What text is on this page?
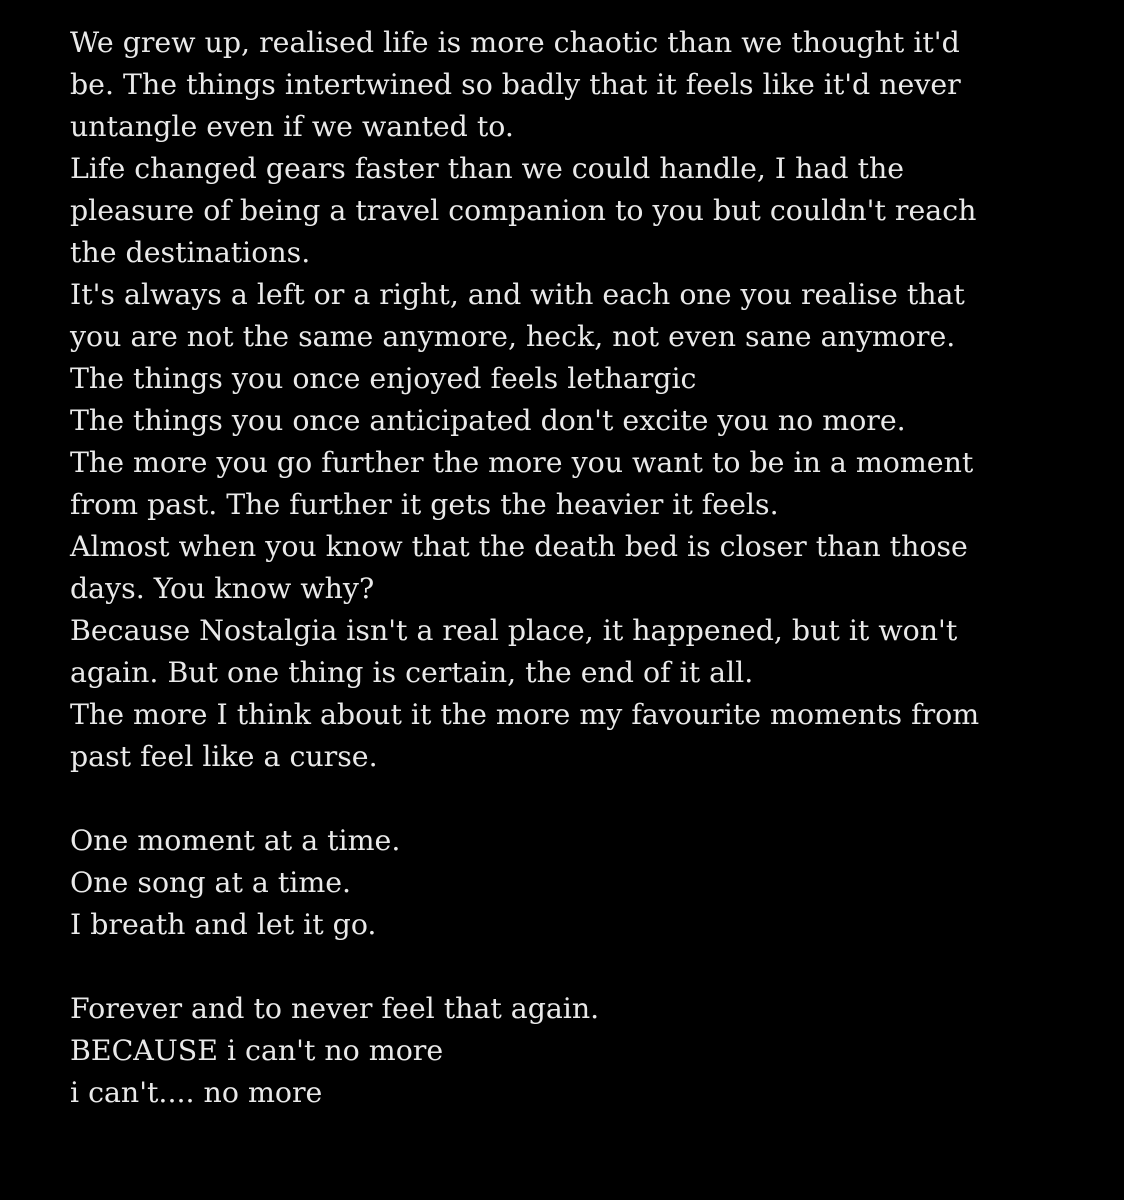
We grew up, realised life is more chaotic than we thought it'd
be. The things intertwined so badly that it feels like it'd never
untangle even if we wanted to.
Life changed gears faster than we could handle, I had the
pleasure of being a travel companion to you but couldn't reach
the destinations.
It's always a left or a right, and with each one you realise that
you are not the same anymore, heck, not even sane anymore.
The things you once enjoyed feels lethargic
The things you once anticipated don't excite you no more.
The more you go further the more you want to be in a moment
from past. The further it gets the heavier it feels.
Almost when you know that the death bed is closer than those
days. You know why?
Because Nostalgia isn't a real place, it happened, but it won't
again. But one thing is certain, the end of it all.
The more I think about it the more my favourite moments from
past feel like a curse.
One moment at a time.
One song at a time.
I breath and let it go.
Forever and to never feel that again.
BECAUSE i can't no more
i can't.... no more
